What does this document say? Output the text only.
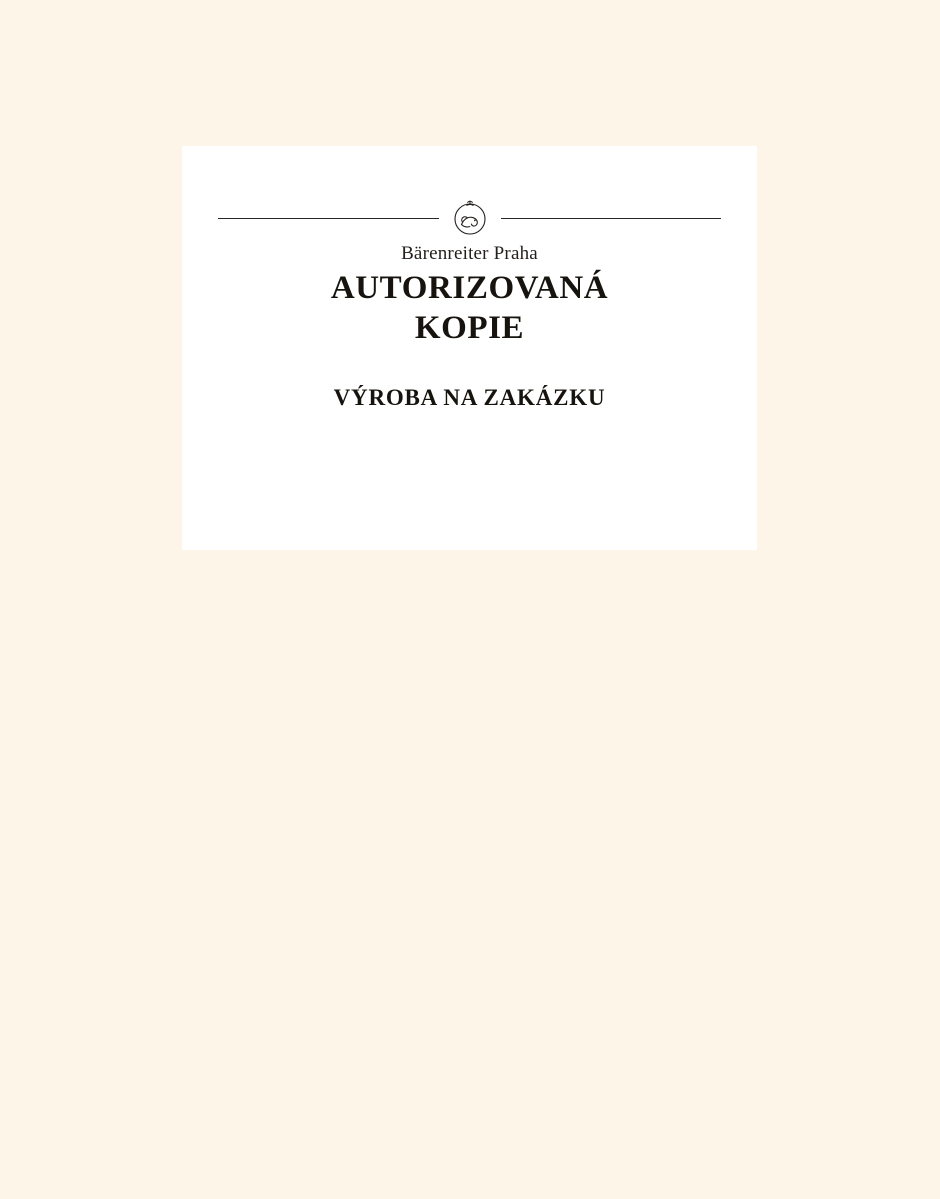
Bärenreiter Praha
AUTORIZOVANÁ
KOPIE
VÝROBA NA ZAKÁZKU
